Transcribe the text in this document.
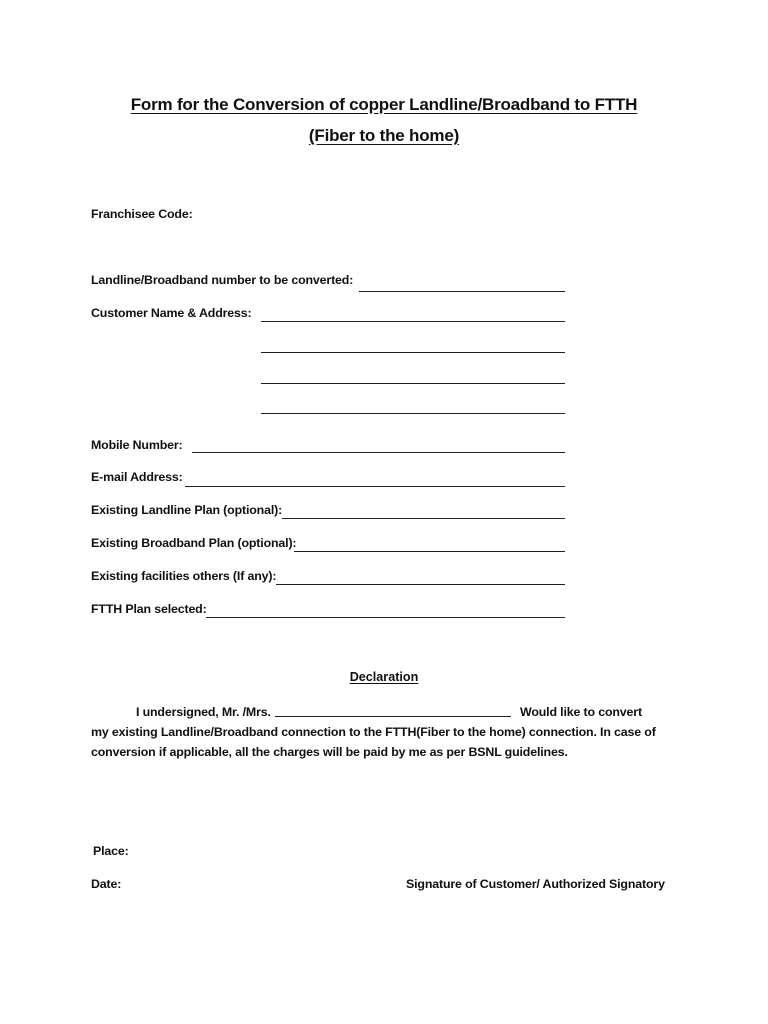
Form for the Conversion of copper Landline/Broadband to FTTH
(Fiber to the home)
Franchisee Code:
Landline/Broadband number to be converted:
Customer Name & Address:
Mobile Number:
E-mail Address:
Existing Landline Plan (optional):
Existing Broadband Plan (optional):
Existing facilities others (If any):
FTTH Plan selected:
Declaration
I undersigned, Mr. /Mrs.	Would like to convert
my existing Landline/Broadband connection to the FTTH(Fiber to the home) connection. In case of
conversion if applicable, all the charges will be paid by me as per BSNL guidelines.
Place:
Date:	Signature of Customer/ Authorized Signatory
